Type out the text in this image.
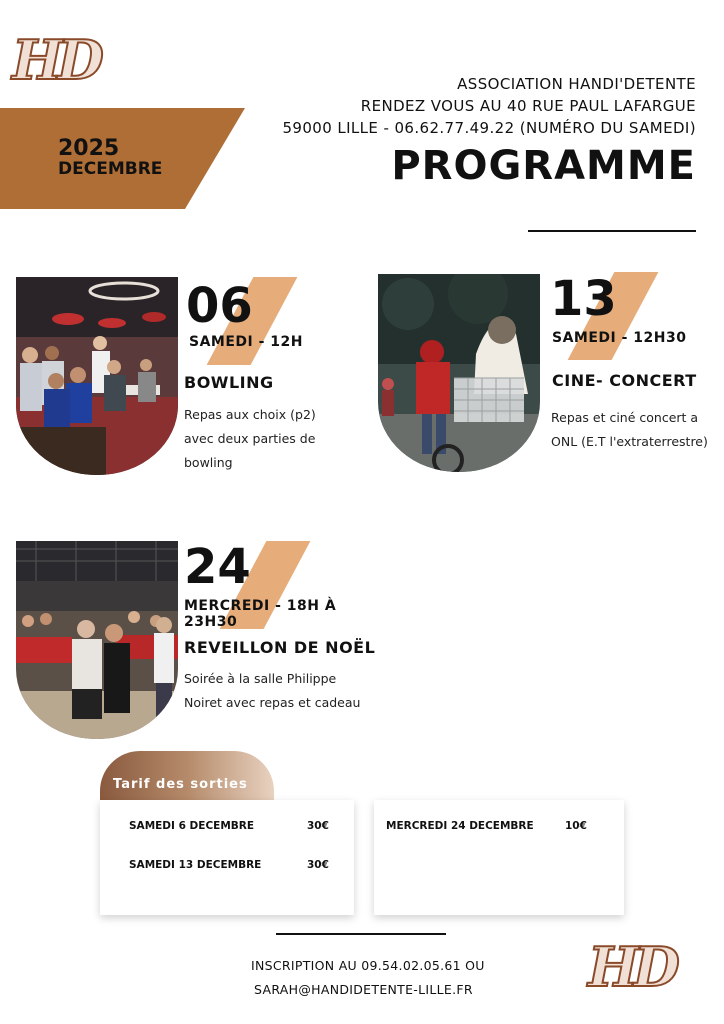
HD
HD
ASSOCIATION HANDI'DETENTE
RENDEZ VOUS AU 40 RUE PAUL LAFARGUE
59000 LILLE - 06.62.77.49.22 (NUMÉRO DU SAMEDI)
PROGRAMME
2025
DECEMBRE
06
SAMEDI - 12H
BOWLING
Repas aux choix (p2)
avec deux parties de
bowling
13
SAMEDI - 12H30
CINE- CONCERT
Repas et ciné concert a
ONL (E.T l'extraterrestre)
24
MERCREDI - 18H À
23H30
REVEILLON DE NOËL
Soirée à la salle Philippe
Noiret avec repas et cadeau
Tarif des sorties
SAMEDI 6 DECEMBRE	30€
SAMEDI 13 DECEMBRE	30€
MERCREDI 24 DECEMBRE	10€
INSCRIPTION AU 09.54.02.05.61 OU
SARAH@HANDIDETENTE-LILLE.FR
